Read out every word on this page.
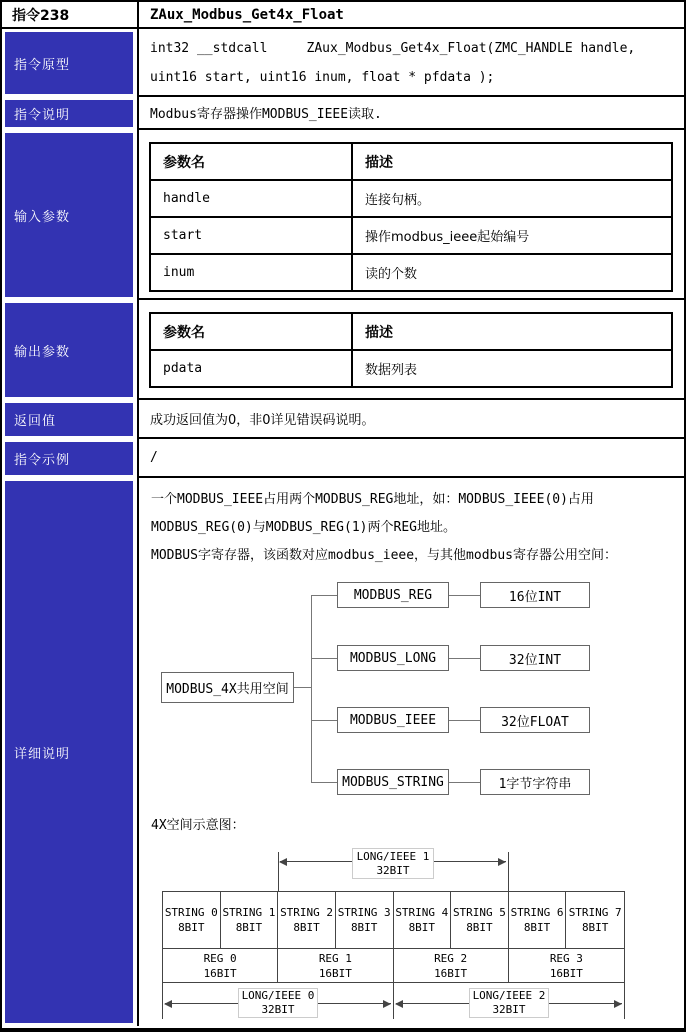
指令238	ZAux_Modbus_Get4x_Float
指令原型
int32 __stdcall     ZAux_Modbus_Get4x_Float(ZMC_HANDLE handle, uint16 start, uint16 inum, float * pfdata );
指令说明	Modbus寄存器操作MODBUS_IEEE读取.
输入参数
参数名	描述
handle	连接句柄。
start	操作modbus_ieee起始编号
inum	读的个数
输出参数
参数名	描述
pdata	数据列表
返回值	成功返回值为0，非0详见错误码说明。
指令示例	/
详细说明

一个MODBUS_IEEE占用两个MODBUS_REG地址，如：MODBUS_IEEE(0)占用MODBUS_REG(0)与MODBUS_REG(1)两个REG地址。

MODBUS字寄存器，该函数对应modbus_ieee，与其他modbus寄存器公用空间：

MODBUS_4X共用空间
MODBUS_REG	16位INT
MODBUS_LONG	32位INT
MODBUS_IEEE	32位FLOAT
MODBUS_STRING	1字节字符串

4X空间示意图：

LONG/IEEE 1
32BIT
STRING 0
8BIT
STRING 1
8BIT
STRING 2
8BIT
STRING 3
8BIT
STRING 4
8BIT
STRING 5
8BIT
STRING 6
8BIT
STRING 7
8BIT
REG 0
16BIT
REG 1
16BIT
REG 2
16BIT
REG 3
16BIT
LONG/IEEE 0
32BIT
LONG/IEEE 2
32BIT
